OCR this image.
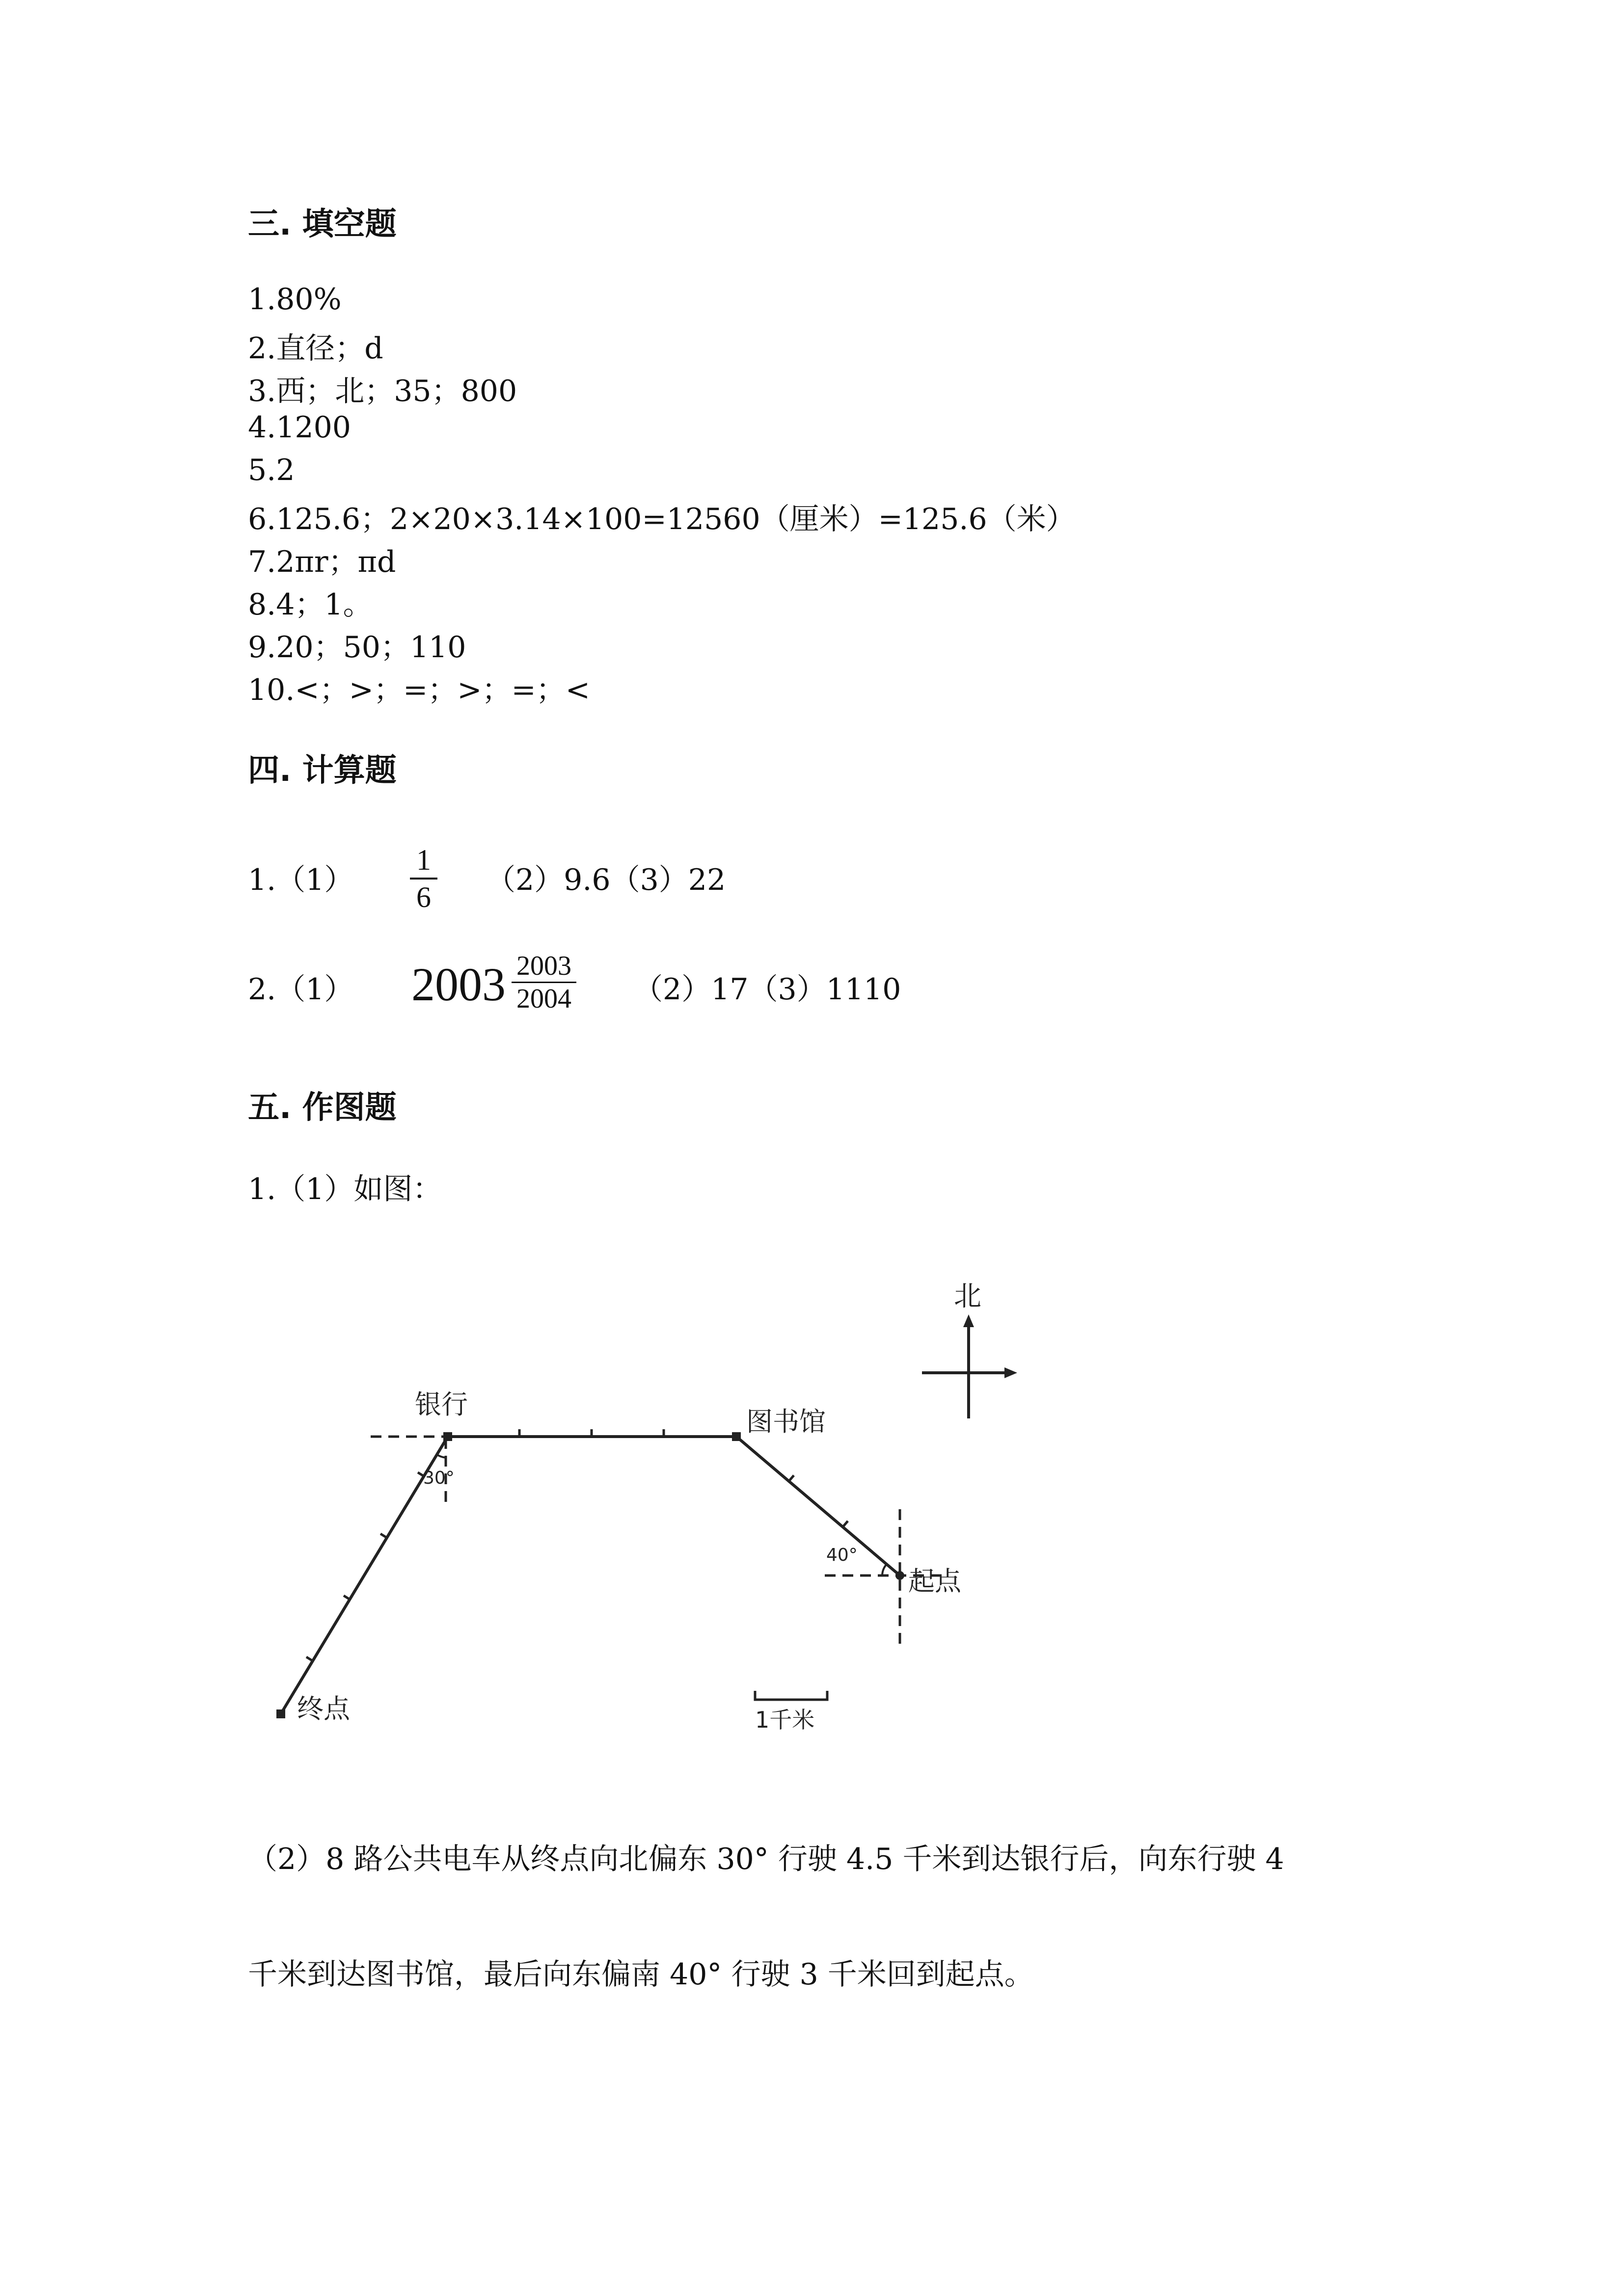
三. 填空题
1.80%
2.直径；d
3.西；北；35；800
4.1200
5.2
6.125.6；2×20×3.14×100=12560（厘米）=125.6（米）
7.2πr；πd
8.4；1。
9.20；50；110
10.<；>；=；>；=；<
四. 计算题
1.（1）
1
6 （2）9.6（3）22
2.（1） 2003 2003
2004 （2）17（3）1110
五. 作图题
1.（1）如图：
北
银行
图书馆
起点
终点
30°
40°
1千米
（2）8 路公共电车从终点向北偏东 30° 行驶 4.5 千米到达银行后，向东行驶 4
千米到达图书馆，最后向东偏南 40° 行驶 3 千米回到起点。
